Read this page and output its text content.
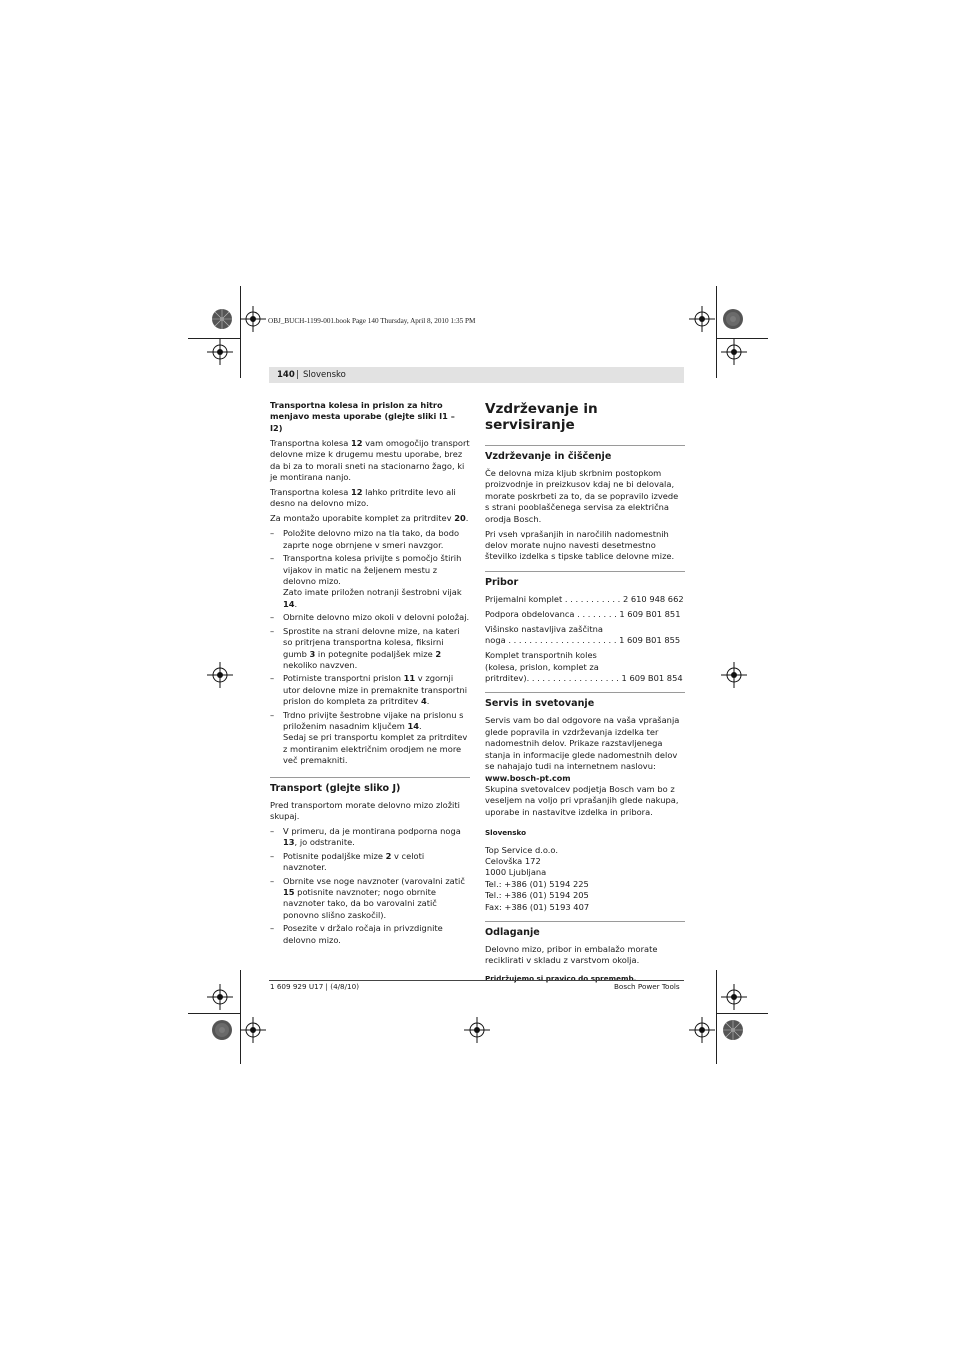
OBJ_BUCH-1199-001.book Page 140 Thursday, April 8, 2010 1:35 PM
140 | Slovensko
Transportna kolesa in prislon za hitro menjavo mesta uporabe (glejte sliki I1 – I2)

Transportna kolesa 12 vam omogočijo transport delovne mize k drugemu mestu uporabe, brez da bi za to morali sneti na stacionarno žago, ki je montirana nanjo.

Transportna kolesa 12 lahko pritrdite levo ali desno na delovno mizo.

Za montažo uporabite komplet za pritrditev 20.

– Položite delovno mizo na tla tako, da bodo zaprte noge obrnjene v smeri navzgor.
– Transportna kolesa privijte s pomočjo štirih vijakov in matic na željenem mestu z delovno mizo.
Zato imate priložen notranji šestrobni vijak 14.
– Obrnite delovno mizo okoli v delovni položaj.
– Sprostite na strani delovne mize, na kateri so pritrjena transportna kolesa, fiksirni gumb 3 in potegnite podaljšek mize 2 nekoliko navzven.
– Potirniste transportni prislon 11 v zgornji utor delovne mize in premaknite transportni prislon do kompleta za pritrditev 4.
– Trdno privijte šestrobne vijake na prislonu s priloženim nasadnim ključem 14.
Sedaj se pri transportu komplet za pritrditev z montiranim električnim orodjem ne more več premakniti.
Transport (glejte sliko J)

Pred transportom morate delovno mizo zložiti skupaj.

– V primeru, da je montirana podporna noga 13, jo odstranite.
– Potisnite podaljške mize 2 v celoti navznoter.
– Obrnite vse noge navznoter (varovalni zatič 15 potisnite navznoter; nogo obrnite navznoter tako, da bo varovalni zatič ponovno slišno zaskočil).
– Posezite v držalo ročaja in privzdignite delovno mizo.
Vzdrževanje in servisiranje
Vzdrževanje in čiščenje

Če delovna miza kljub skrbnim postopkom proizvodnje in preizkusov kdaj ne bi delovala, morate poskrbeti za to, da se popravilo izvede s strani pooblaščenega servisa za električna orodja Bosch.

Pri vseh vprašanjih in naročilih nadomestnih delov morate nujno navesti desetmestno številko izdelka s tipske tablice delovne mize.

Pribor

Prijemalni komplet . . . . . . . . . . . 2 610 948 662

Podpora obdelovanca . . . . . . . . 1 609 B01 851

Višinsko nastavljiva zaščitna
noga . . . . . . . . . . . . . . . . . . . . . 1 609 B01 855

Komplet transportnih koles
(kolesa, prislon, komplet za
pritrditev). . . . . . . . . . . . . . . . . . 1 609 B01 854

Servis in svetovanje

Servis vam bo dal odgovore na vaša vprašanja glede popravila in vzdrževanja izdelka ter nadomestnih delov. Prikaze razstavljenega stanja in informacije glede nadomestnih delov se nahajajo tudi na internetnem naslovu:

www.bosch-pt.com

Skupina svetovalcev podjetja Bosch vam bo z veseljem na voljo pri vprašanjih glede nakupa, uporabe in nastavitve izdelka in pribora.

Slovensko

Top Service d.o.o.
Celovška 172
1000 Ljubljana
Tel.: +386 (01) 5194 225
Tel.: +386 (01) 5194 205
Fax: +386 (01) 5193 407
Odlaganje

Delovno mizo, pribor in embalažo morate reciklirati v skladu z varstvom okolja.

Pridržujemo si pravico do sprememb.

1 609 929 U17 | (4/8/10)	Bosch Power Tools
